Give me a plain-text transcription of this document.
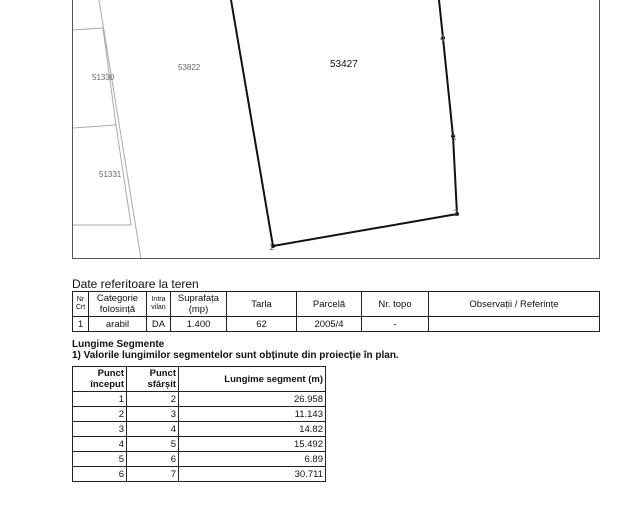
51330
53822	53427
51331
1
2
3
4
Date referitoare la teren
Nr Crt	Categorie folosință	Intra vilan	Suprafața (mp)	Tarla	Parcelă	Nr. topo	Observații / Referințe
1	arabil	DA	1.400	62	2005/4	-	
Lungime Segmente
1) Valorile lungimilor segmentelor sunt obținute din proiecție în plan.
Punct început	Punct sfârșit	Lungime segment (m)
1	2	26.958
2	3	11.143
3	4	14.82
4	5	15.492
5	6	6.89
6	7	30.711
